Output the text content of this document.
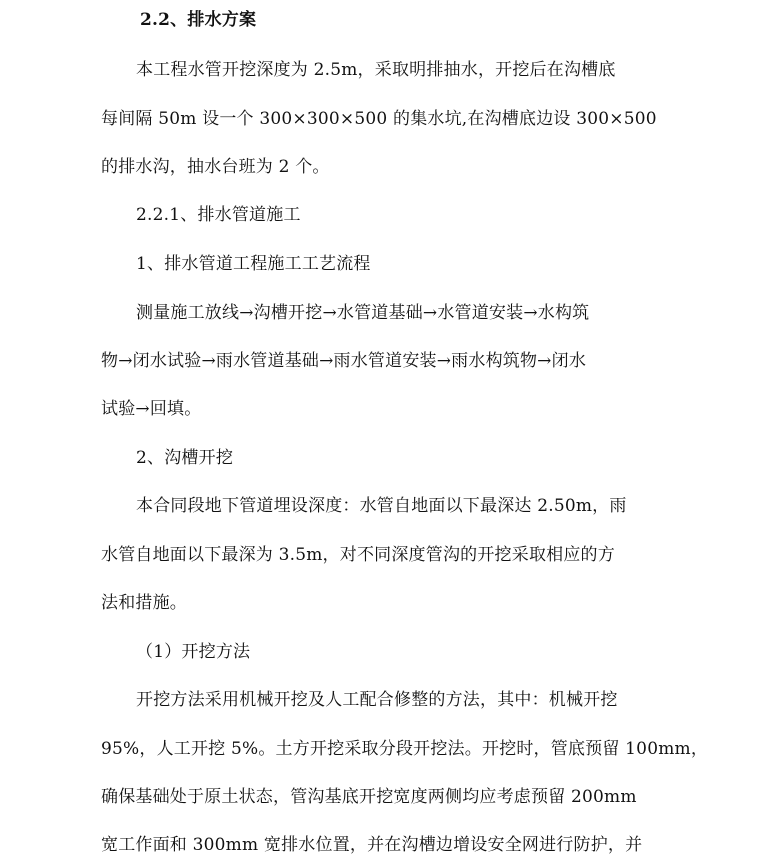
2.2、排水方案
本工程水管开挖深度为 2.5m，采取明排抽水，开挖后在沟槽底
每间隔 50m 设一个 300×300×500 的集水坑,在沟槽底边设 300×500
的排水沟，抽水台班为 2 个。
2.2.1、排水管道施工
1、排水管道工程施工工艺流程
测量施工放线→沟槽开挖→水管道基础→水管道安装→水构筑
物→闭水试验→雨水管道基础→雨水管道安装→雨水构筑物→闭水
试验→回填。
2、沟槽开挖
本合同段地下管道埋设深度：水管自地面以下最深达 2.50m，雨
水管自地面以下最深为 3.5m，对不同深度管沟的开挖采取相应的方
法和措施。
（1）开挖方法
开挖方法采用机械开挖及人工配合修整的方法，其中：机械开挖
95%，人工开挖 5%。土方开挖采取分段开挖法。开挖时，管底预留 100mm，
确保基础处于原土状态，管沟基底开挖宽度两侧均应考虑预留 200mm
宽工作面和 300mm 宽排水位置，并在沟槽边增设安全网进行防护，并
